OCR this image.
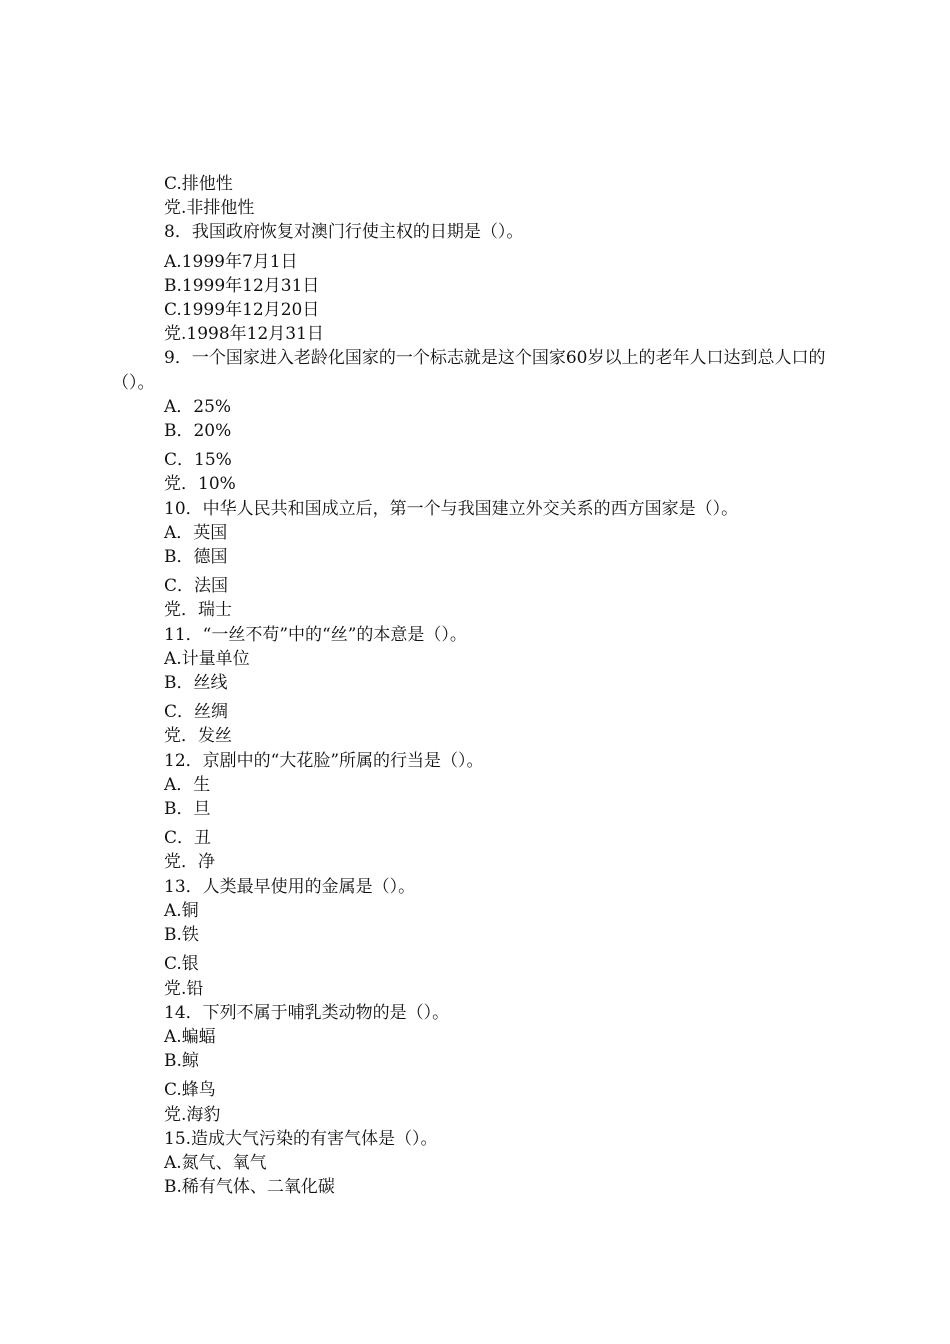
C.排他性
党.非排他性
8．我国政府恢复对澳门行使主权的日期是（）。
A.1999年7月1日
B.1999年12月31日
C.1999年12月20日
党.1998年12月31日
9．一个国家进入老龄化国家的一个标志就是这个国家60岁以上的老年人口达到总人口的（）。
A．25%
B．20%
C．15%
党．10%
10．中华人民共和国成立后，第一个与我国建立外交关系的西方国家是（）。
A．英国
B．德国
C．法国
党．瑞士
11．“一丝不苟”中的“丝”的本意是（）。
A.计量单位
B．丝线
C．丝绸
党．发丝
12．京剧中的“大花脸”所属的行当是（）。
A．生
B．旦
C．丑
党．净
13．人类最早使用的金属是（）。
A.铜
B.铁
C.银
党.铅
14．下列不属于哺乳类动物的是（）。
A.蝙蝠
B.鲸
C.蜂鸟
党.海豹
15.造成大气污染的有害气体是（）。
A.氮气、氧气
B.稀有气体、二氧化碳
